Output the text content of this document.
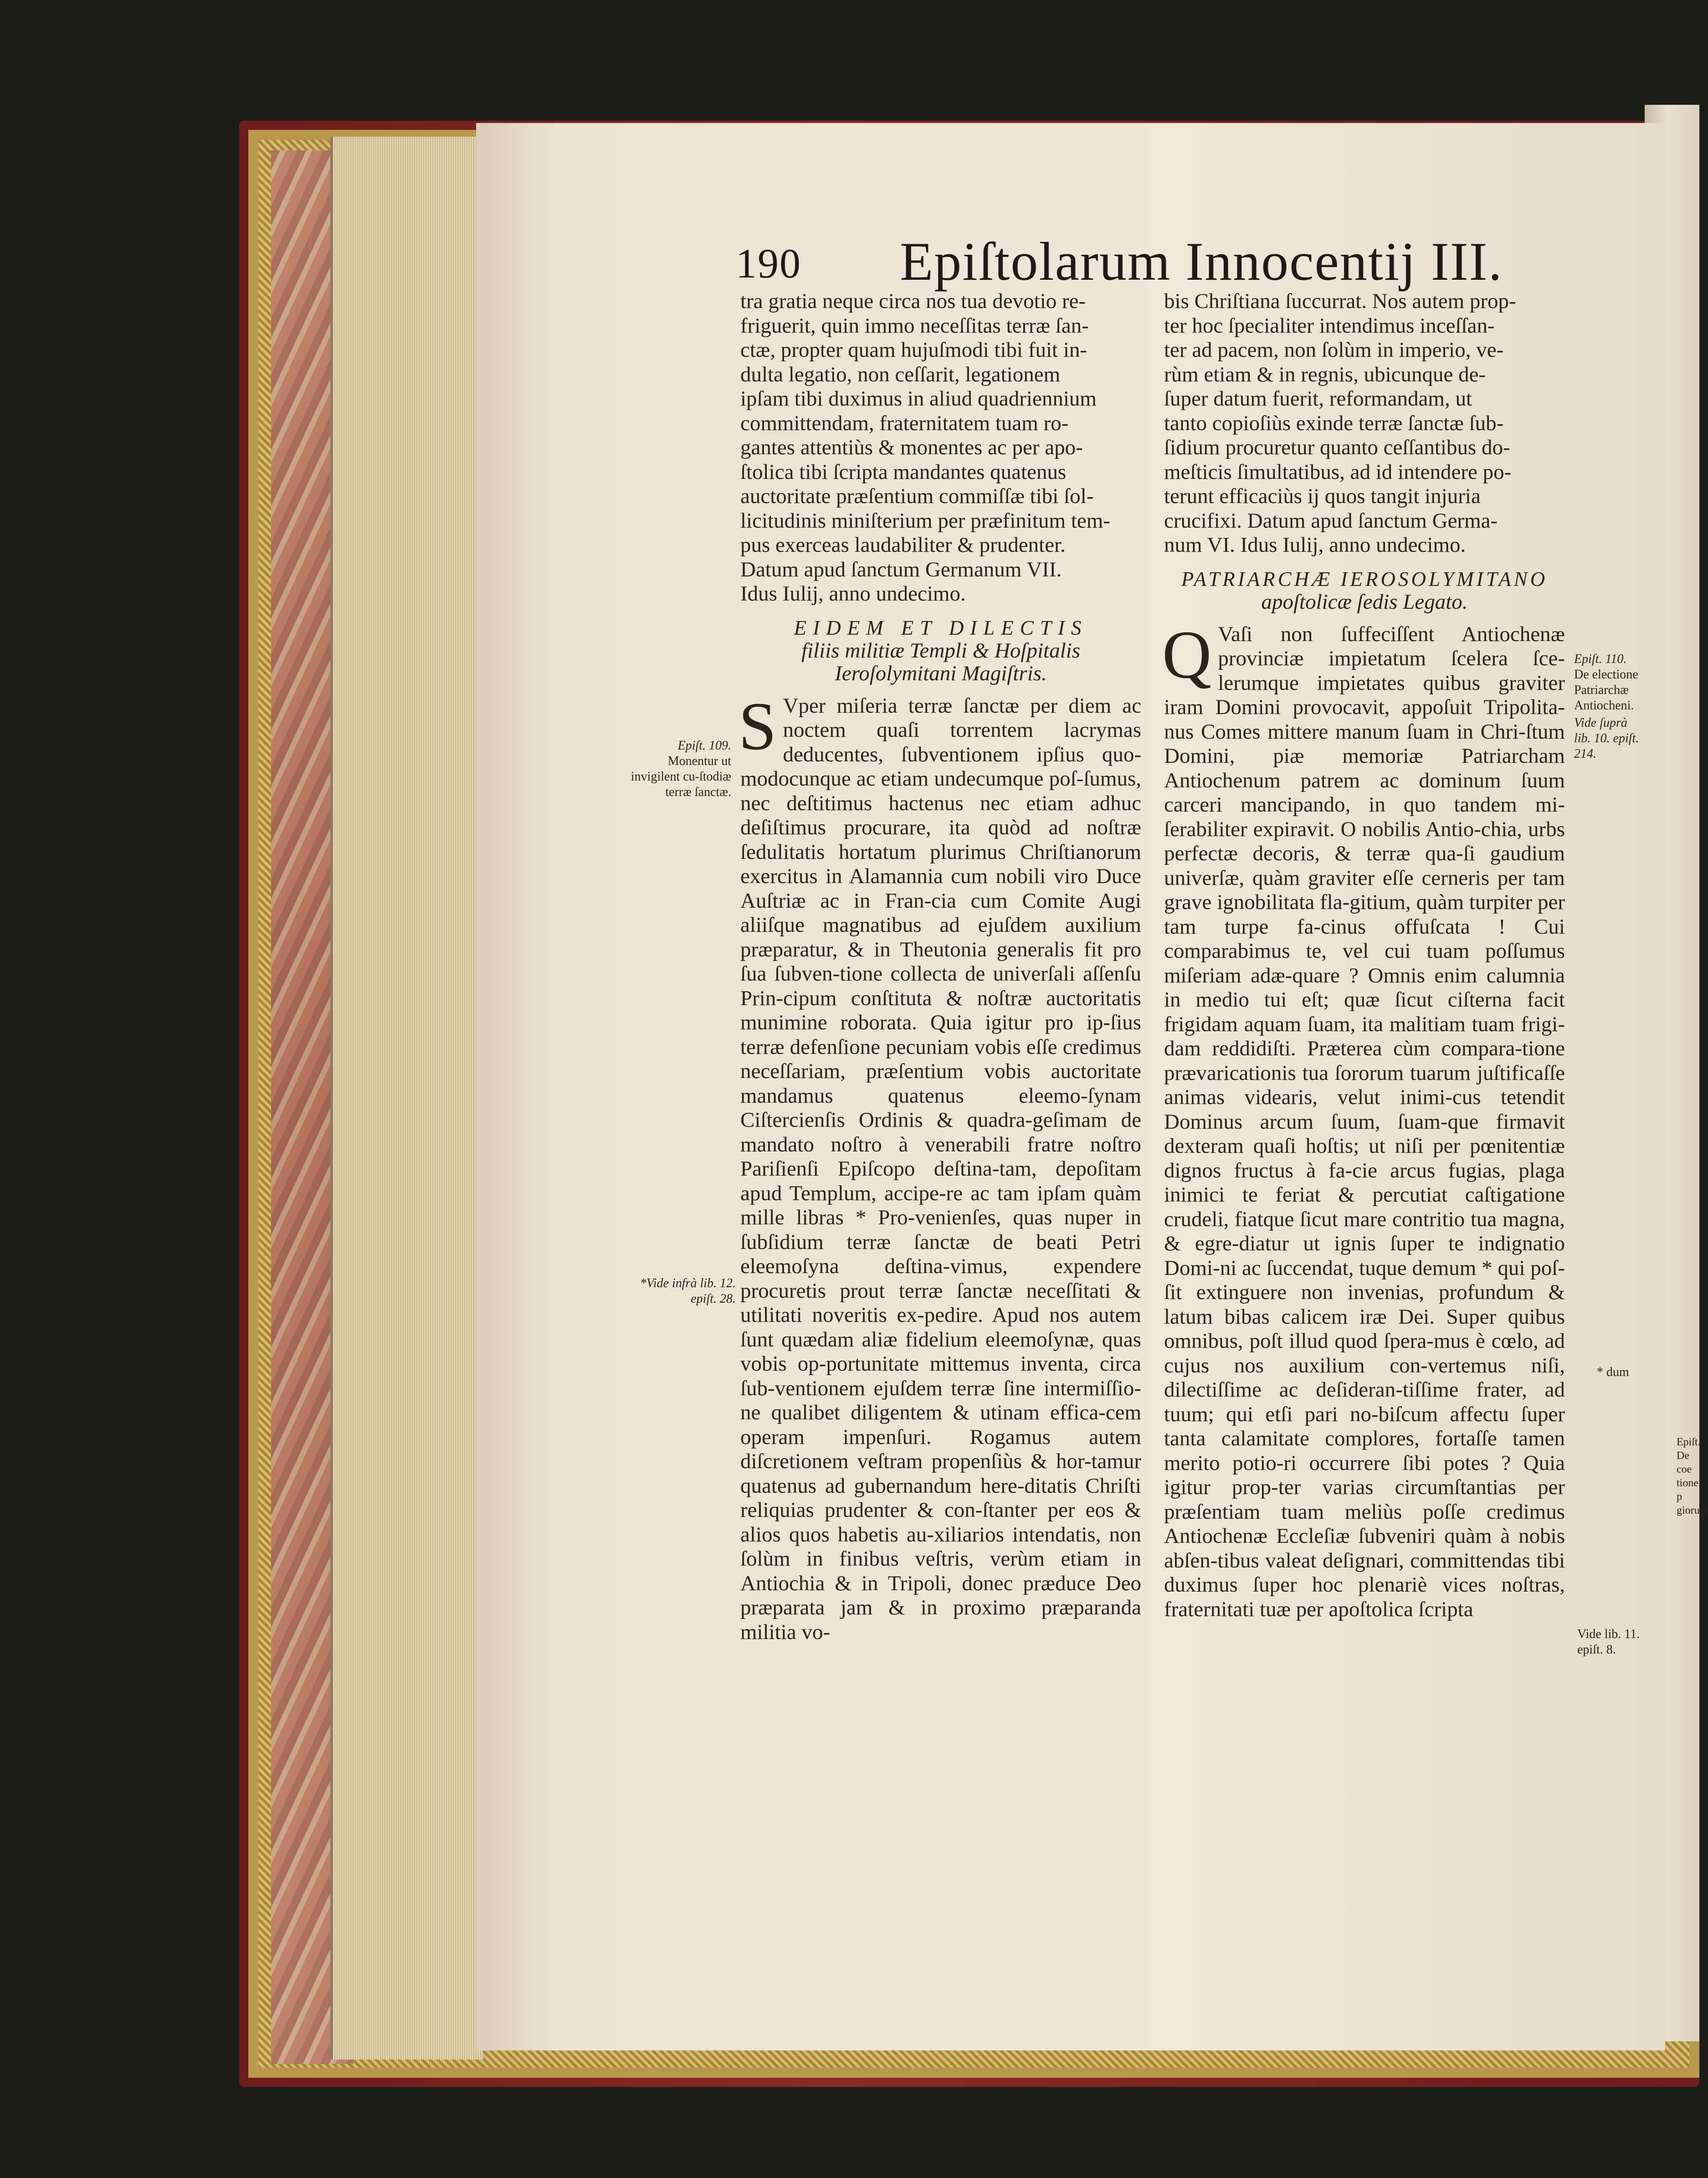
190 Epiſtolarum Innocentij III.

tra gratia neque circa nos tua devotio re-

friguerit, quin immo neceſſitas terræ ſan-

ctæ, propter quam hujuſmodi tibi fuit in-

dulta legatio, non ceſſarit, legationem

ipſam tibi duximus in aliud quadriennium

committendam, fraternitatem tuam ro-

gantes attentiùs & monentes ac per apo-

ſtolica tibi ſcripta mandantes quatenus

auctoritate præſentium commiſſæ tibi ſol-

licitudinis miniſterium per præfinitum tem-

pus exerceas laudabiliter & prudenter.

Datum apud ſanctum Germanum VII.

Idus Iulij, anno undecimo.

EIDEM ET DILECTIS
filiis militiæ Templi & Hoſpitalis
Ieroſolymitani Magiſtris.

S Vper miſeria terræ ſanctæ per diem ac noctem quaſi torrentem lacrymas deducentes, ſubventionem ipſius quo-modocunque ac etiam undecumque poſ-ſumus, nec deſtitimus hactenus nec etiam adhuc deſiſtimus procurare, ita quòd ad noſtræ ſedulitatis hortatum plurimus Chriſtianorum exercitus in Alamannia cum nobili viro Duce Auſtriæ ac in Fran-cia cum Comite Augi aliiſque magnatibus ad ejuſdem auxilium præparatur, & in Theutonia generalis fit pro ſua ſubven-tione collecta de univerſali aſſenſu Prin-cipum conſtituta & noſtræ auctoritatis munimine roborata. Quia igitur pro ip-ſius terræ defenſione pecuniam vobis eſſe credimus neceſſariam, præſentium vobis auctoritate mandamus quatenus eleemo-ſynam Ciſtercienſis Ordinis & quadra-geſimam de mandato noſtro à venerabili fratre noſtro Pariſienſi Epiſcopo deſtina-tam, depoſitam apud Templum, accipe-re ac tam ipſam quàm mille libras * Pro-venienſes, quas nuper in ſubſidium terræ ſanctæ de beati Petri eleemoſyna deſtina-vimus, expendere procuretis prout terræ ſanctæ neceſſitati & utilitati noveritis ex-pedire. Apud nos autem ſunt quædam aliæ fidelium eleemoſynæ, quas vobis op-portunitate mittemus inventa, circa ſub-ventionem ejuſdem terræ ſine intermiſſio-ne qualibet diligentem & utinam effica-cem operam impenſuri. Rogamus autem diſcretionem veſtram propenſiùs & hor-tamur quatenus ad gubernandum here-ditatis Chriſti reliquias prudenter & con-ſtanter per eos & alios quos habetis au-xiliarios intendatis, non ſolùm in finibus veſtris, verùm etiam in Antiochia & in Tripoli, donec præduce Deo præparata jam & in proximo præparanda militia vo-

bis Chriſtiana ſuccurrat. Nos autem prop-

ter hoc ſpecialiter intendimus inceſſan-

ter ad pacem, non ſolùm in imperio, ve-

rùm etiam & in regnis, ubicunque de-

ſuper datum fuerit, reformandam, ut

tanto copioſiùs exinde terræ ſanctæ ſub-

ſidium procuretur quanto ceſſantibus do-

meſticis ſimultatibus, ad id intendere po-

terunt efficaciùs ij quos tangit injuria

crucifixi. Datum apud ſanctum Germa-

num VI. Idus Iulij, anno undecimo.

PATRIARCHÆ IEROSOLYMITANO
apoſtolicæ ſedis Legato.

Q Vaſi non ſuffeciſſent Antiochenæ provinciæ impietatum ſcelera ſce-lerumque impietates quibus graviter iram Domini provocavit, appoſuit Tripolita-nus Comes mittere manum ſuam in Chri-ſtum Domini, piæ memoriæ Patriarcham Antiochenum patrem ac dominum ſuum carceri mancipando, in quo tandem mi-ſerabiliter expiravit. O nobilis Antio-chia, urbs perfectæ decoris, & terræ qua-ſi gaudium univerſæ, quàm graviter eſſe cerneris per tam grave ignobilitata fla-gitium, quàm turpiter per tam turpe fa-cinus offuſcata ! Cui comparabimus te, vel cui tuam poſſumus miſeriam adæ-quare ? Omnis enim calumnia in medio tui eſt; quæ ſicut ciſterna facit frigidam aquam ſuam, ita malitiam tuam frigi-dam reddidiſti. Præterea cùm compara-tione prævaricationis tua ſororum tuarum juſtificaſſe animas videaris, velut inimi-cus tetendit Dominus arcum ſuum, ſuam-que firmavit dexteram quaſi hoſtis; ut niſi per pœnitentiæ dignos fructus à fa-cie arcus fugias, plaga inimici te feriat & percutiat caſtigatione crudeli, fiatque ſicut mare contritio tua magna, & egre-diatur ut ignis ſuper te indignatio Domi-ni ac ſuccendat, tuque demum * qui poſ-ſit extinguere non invenias, profundum & latum bibas calicem iræ Dei. Super quibus omnibus, poſt illud quod ſpera-mus è cœlo, ad cujus nos auxilium con-vertemus niſi, dilectiſſime ac deſideran-tiſſime frater, ad tuum; qui etſi pari no-biſcum affectu ſuper tanta calamitate complores, fortaſſe tamen merito potio-ri occurrere ſibi potes ? Quia igitur prop-ter varias circumſtantias per præſentiam tuam meliùs poſſe credimus Antiochenæ Eccleſiæ ſubveniri quàm à nobis abſen-tibus valeat deſignari, committendas tibi duximus ſuper hoc plenariè vices noſtras, fraternitati tuæ per apoſtolica ſcripta

Epiſt. 109.
Monentur ut invigilent cu-ſtodiæ terræ ſanctæ.
*Vide infrà lib. 12. epiſt. 28.
Epiſt. 110.
De electione Patriarchæ Antiocheni.
Vide ſuprà lib. 10. epiſt. 214.
* dum
Vide lib. 11. epiſt. 8.
Epiſt. De coe tione p giorum
